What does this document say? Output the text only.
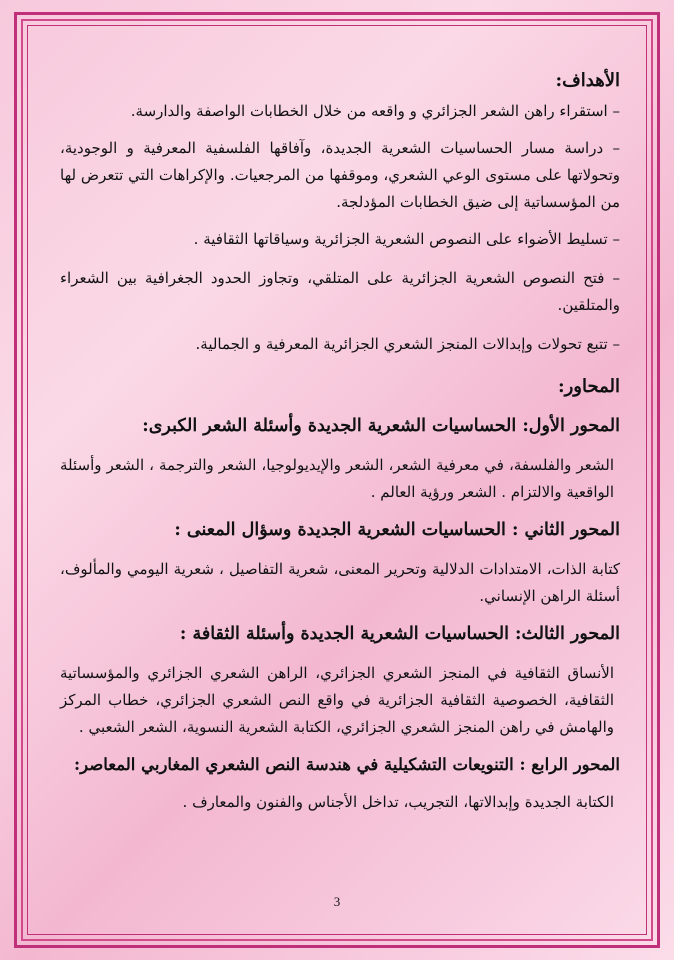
الأهداف:

– استقراء راهن الشعر الجزائري و واقعه من خلال الخطابات الواصفة والدارسة.

– دراسة مسار الحساسيات الشعرية الجديدة، وآفاقها الفلسفية المعرفية و الوجودية، وتحولاتها على مستوى الوعي الشعري، وموقفها من المرجعيات. والإكراهات التي تتعرض لها من المؤسساتية إلى ضيق الخطابات المؤدلجة.

– تسليط الأضواء على النصوص الشعرية الجزائرية وسياقاتها الثقافية .

– فتح النصوص الشعرية الجزائرية على المتلقي، وتجاوز الحدود الجغرافية بين الشعراء والمتلقين.

– تتبع تحولات وإبدالات المنجز الشعري الجزائرية المعرفية و الجمالية.

المحاور:

المحور الأول: الحساسيات الشعرية الجديدة وأسئلة الشعر الكبرى:

الشعر والفلسفة، في معرفية الشعر، الشعر والإيديولوجيا، الشعر والترجمة ، الشعر وأسئلة الواقعية والالتزام . الشعر ورؤية العالم .

المحور الثاني : الحساسيات الشعرية الجديدة وسؤال المعنى :

كتابة الذات، الامتدادات الدلالية وتحرير المعنى، شعرية التفاصيل ، شعرية اليومي والمألوف، أسئلة الراهن الإنساني.

المحور الثالث: الحساسيات الشعرية الجديدة وأسئلة الثقافة :

الأنساق الثقافية في المنجز الشعري الجزائري، الراهن الشعري الجزائري والمؤسساتية الثقافية، الخصوصية الثقافية الجزائرية في واقع النص الشعري الجزائري، خطاب المركز والهامش في راهن المنجز الشعري الجزائري، الكتابة الشعرية النسوية، الشعر الشعبي .

المحور الرابع : التنويعات التشكيلية في هندسة النص الشعري المغاربي المعاصر:

الكتابة الجديدة وإبدالاتها، التجريب، تداخل الأجناس والفنون والمعارف .

3
